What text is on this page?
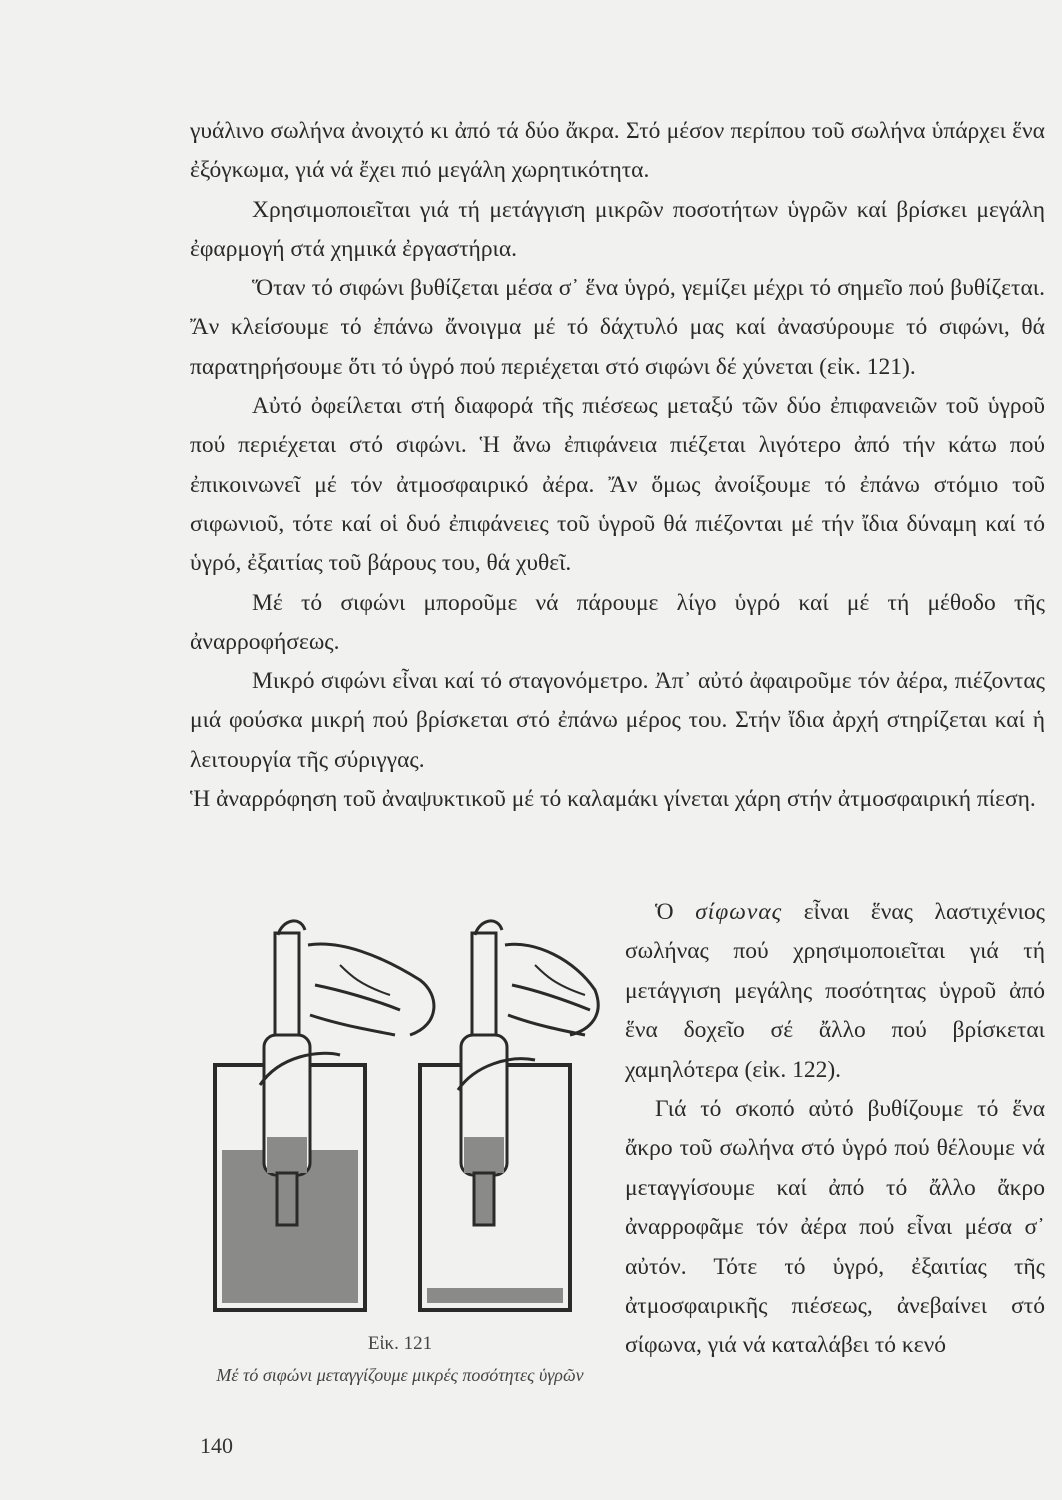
γυάλινο σωλήνα ἀνοιχτό κι ἀπό τά δύο ἄκρα. Στό μέσον περίπου τοῦ σωλήνα ὑπάρχει ἕνα ἐξόγκωμα, γιά νά ἔχει πιό μεγάλη χωρητικότητα.

Χρησιμοποιεῖται γιά τή μετάγγιση μικρῶν ποσοτήτων ὑγρῶν καί βρίσκει μεγάλη ἐφαρμογή στά χημικά ἐργαστήρια.

Ὅταν τό σιφώνι βυθίζεται μέσα σ᾽ ἕνα ὑγρό, γεμίζει μέχρι τό σημεῖο πού βυθίζεται. Ἄν κλείσουμε τό ἐπάνω ἄνοιγμα μέ τό δάχτυλό μας καί ἀνασύρουμε τό σιφώνι, θά παρατηρήσουμε ὅτι τό ὑγρό πού περιέχεται στό σιφώνι δέ χύνεται (εἰκ. 121).

Αὐτό ὀφείλεται στή διαφορά τῆς πιέσεως μεταξύ τῶν δύο ἐπιφανειῶν τοῦ ὑγροῦ πού περιέχεται στό σιφώνι. Ἡ ἄνω ἐπιφάνεια πιέζεται λιγότερο ἀπό τήν κάτω πού ἐπικοινωνεῖ μέ τόν ἀτμοσφαιρικό ἀέρα. Ἄν ὅμως ἀνοίξουμε τό ἐπάνω στόμιο τοῦ σιφωνιοῦ, τότε καί οἱ δυό ἐπιφάνειες τοῦ ὑγροῦ θά πιέζονται μέ τήν ἴδια δύναμη καί τό ὑγρό, ἐξαιτίας τοῦ βάρους του, θά χυθεῖ.

Μέ τό σιφώνι μποροῦμε νά πάρουμε λίγο ὑγρό καί μέ τή μέθοδο τῆς ἀναρροφήσεως.

Μικρό σιφώνι εἶναι καί τό σταγονόμετρο. Ἀπ᾽ αὐτό ἀφαιροῦμε τόν ἀέρα, πιέζοντας μιά φούσκα μικρή πού βρίσκεται στό ἐπάνω μέρος του. Στήν ἴδια ἀρχή στηρίζεται καί ἡ λειτουργία τῆς σύριγγας.

Ἡ ἀναρρόφηση τοῦ ἀναψυκτικοῦ μέ τό καλαμάκι γίνεται χάρη στήν ἀτμοσφαιρική πίεση.

Εἰκ. 121
Μέ τό σιφώνι μεταγγίζουμε μικρές ποσότητες ὑγρῶν

Ὁ σίφωνας εἶναι ἕνας λαστιχένιος σωλήνας πού χρησιμοποιεῖται γιά τή μετάγγιση μεγάλης ποσότητας ὑγροῦ ἀπό ἕνα δοχεῖο σέ ἄλλο πού βρίσκεται χαμηλότερα (εἰκ. 122).

Γιά τό σκοπό αὐτό βυθίζουμε τό ἕνα ἄκρο τοῦ σωλήνα στό ὑγρό πού θέλουμε νά μεταγγίσουμε καί ἀπό τό ἄλλο ἄκρο ἀναρροφᾶμε τόν ἀέρα πού εἶναι μέσα σ᾽ αὐτόν. Τότε τό ὑγρό, ἐξαιτίας τῆς ἀτμοσφαιρικῆς πιέσεως, ἀνεβαίνει στό σίφωνα, γιά νά καταλάβει τό κενό

140
